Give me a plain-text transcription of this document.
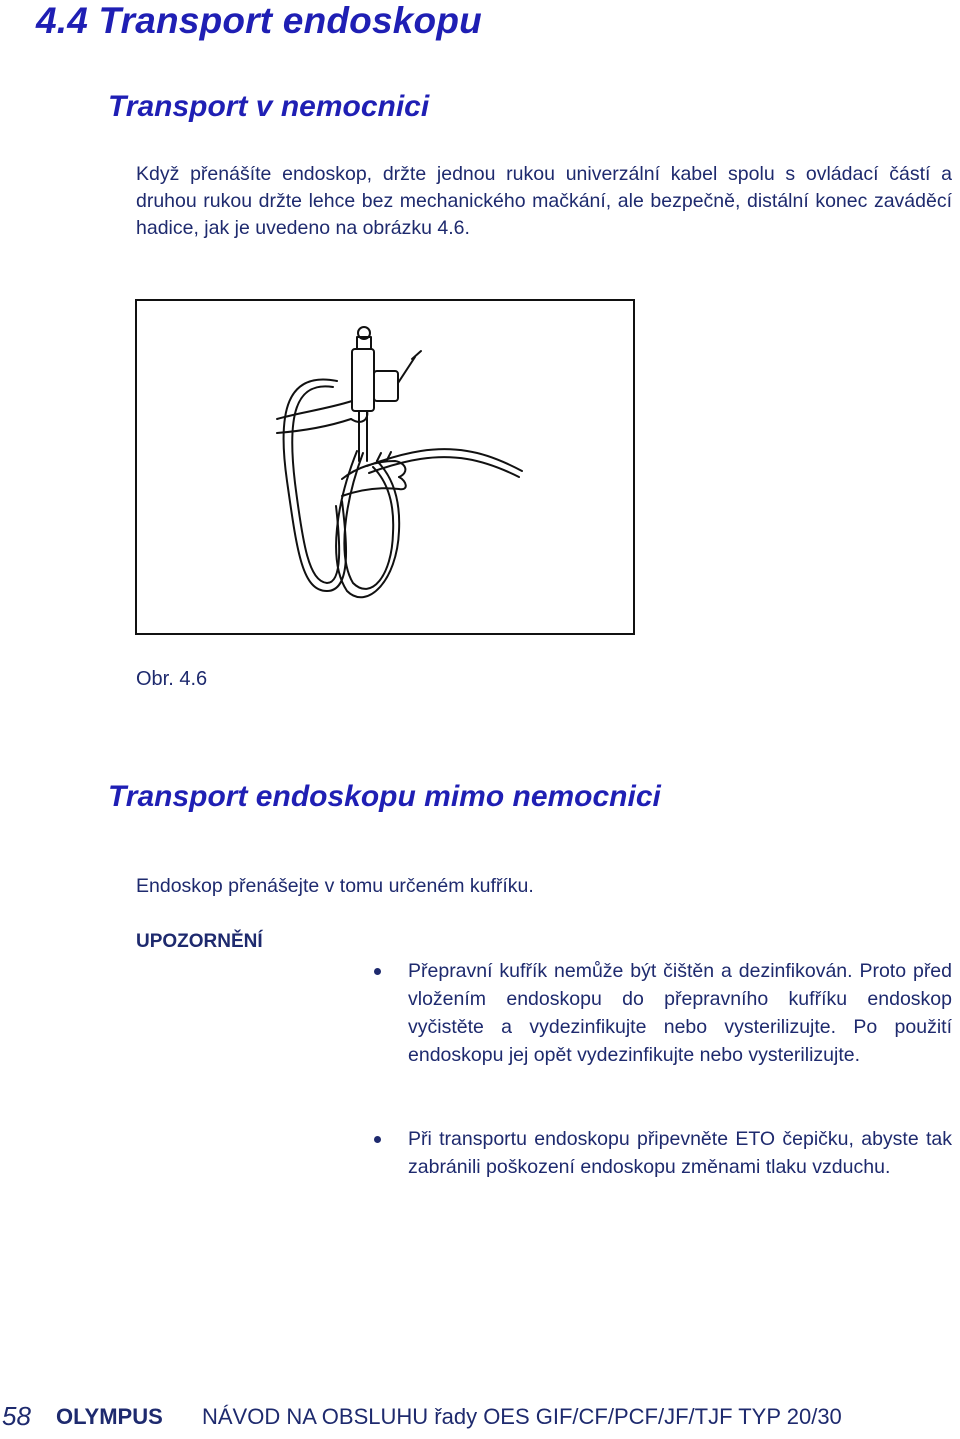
4.4 Transport endoskopu
Transport v nemocnici
Když přenášíte endoskop, držte jednou rukou univerzální kabel spolu s ovládací částí a druhou rukou držte lehce bez mechanického mačkání, ale bezpečně, distální konec zaváděcí hadice, jak je uvedeno na obrázku 4.6.
Obr. 4.6
Transport endoskopu mimo nemocnici
Endoskop přenášejte v tomu určeném kufříku.
UPOZORNĚNÍ
Přepravní kufřík nemůže být čištěn a dezinfikován. Proto před vložením endoskopu do přepravního kufříku endoskop vyčistěte a vydezinfikujte nebo vysterilizujte. Po použití endoskopu jej opět vydezinfikujte nebo vysterilizujte.
Při transportu endoskopu připevněte ETO čepičku, abyste tak zabránili poškození endoskopu změnami tlaku vzduchu.
58 OLYMPUS NÁVOD NA OBSLUHU řady OES GIF/CF/PCF/JF/TJF TYP 20/30
